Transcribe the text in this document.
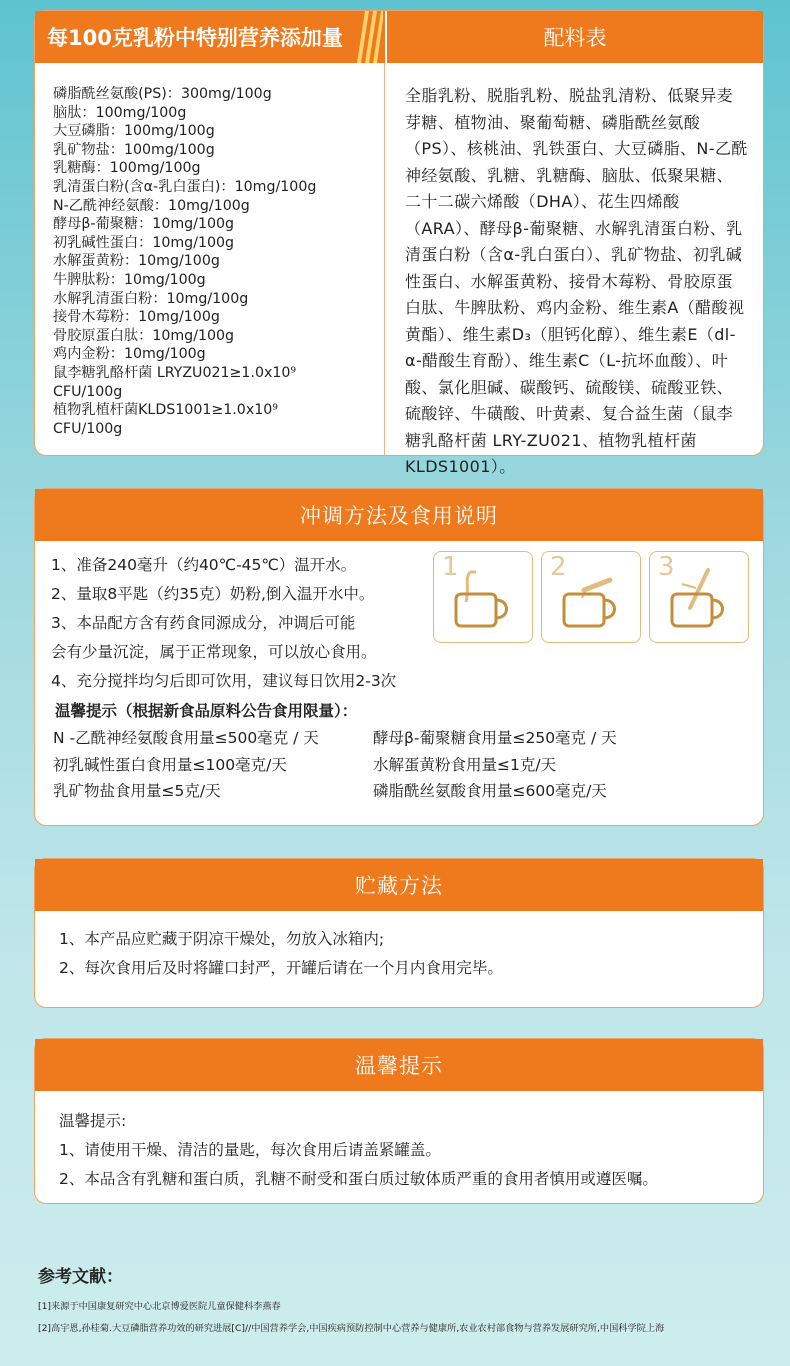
每100克乳粉中特别营养添加量	配料表
磷脂酰丝氨酸(PS)：300mg/100g
脑肽：100mg/100g
大豆磷脂：100mg/100g
乳矿物盐：100mg/100g
乳糖酶：100mg/100g
乳清蛋白粉(含α-乳白蛋白)：10mg/100g
N-乙酰神经氨酸：10mg/100g
酵母β-葡聚糖：10mg/100g
初乳碱性蛋白：10mg/100g
水解蛋黄粉：10mg/100g
牛脾肽粉：10mg/100g
水解乳清蛋白粉：10mg/100g
接骨木莓粉：10mg/100g
骨胶原蛋白肽：10mg/100g
鸡内金粉：10mg/100g
鼠李糖乳酪杆菌 LRYZU021≥1.0x10⁹
CFU/100g
植物乳植杆菌KLDS1001≥1.0x10⁹
CFU/100g

全脂乳粉、脱脂乳粉、脱盐乳清粉、低聚异麦芽糖、植物油、聚葡萄糖、磷脂酰丝氨酸（PS）、核桃油、乳铁蛋白、大豆磷脂、N-乙酰神经氨酸、乳糖、乳糖酶、脑肽、低聚果糖、二十二碳六烯酸（DHA）、花生四烯酸（ARA）、酵母β-葡聚糖、水解乳清蛋白粉、乳清蛋白粉（含α-乳白蛋白）、乳矿物盐、初乳碱性蛋白、水解蛋黄粉、接骨木莓粉、骨胶原蛋白肽、牛脾肽粉、鸡内金粉、维生素A（醋酸视黄酯）、维生素D₃（胆钙化醇）、维生素E（dl-α-醋酸生育酚）、维生素C（L-抗坏血酸）、叶酸、氯化胆碱、碳酸钙、硫酸镁、硫酸亚铁、硫酸锌、牛磺酸、叶黄素、复合益生菌（鼠李糖乳酪杆菌 LRY-ZU021、植物乳植杆菌KLDS1001）。

冲调方法及食用说明
1、准备240毫升（约40℃-45℃）温开水。
2、量取8平匙（约35克）奶粉,倒入温开水中。
3、本品配方含有药食同源成分，冲调后可能
会有少量沉淀，属于正常现象，可以放心食用。
4、充分搅拌均匀后即可饮用，建议每日饮用2-3次
1	2	3
温馨提示（根据新食品原料公告食用限量）：
N -乙酰神经氨酸食用量≤500毫克 / 天	酵母β-葡聚糖食用量≤250毫克 / 天
初乳碱性蛋白食用量≤100毫克/天	水解蛋黄粉食用量≤1克/天
乳矿物盐食用量≤5克/天	磷脂酰丝氨酸食用量≤600毫克/天
贮藏方法
1、本产品应贮藏于阴凉干燥处，勿放入冰箱内;
2、每次食用后及时将罐口封严，开罐后请在一个月内食用完毕。
温馨提示
温馨提示:
1、请使用干燥、清洁的量匙，每次食用后请盖紧罐盖。
2、本品含有乳糖和蛋白质，乳糖不耐受和蛋白质过敏体质严重的食用者慎用或遵医嘱。
参考文献：
[1]来源于中国康复研究中心北京博爱医院儿童保健科李燕春
[2]高宇恩,孙桂菊.大豆磷脂营养功效的研究进展[C]//中国营养学会,中国疾病预防控制中心营养与健康所,农业农村部食物与营养发展研究所,中国科学院上海
